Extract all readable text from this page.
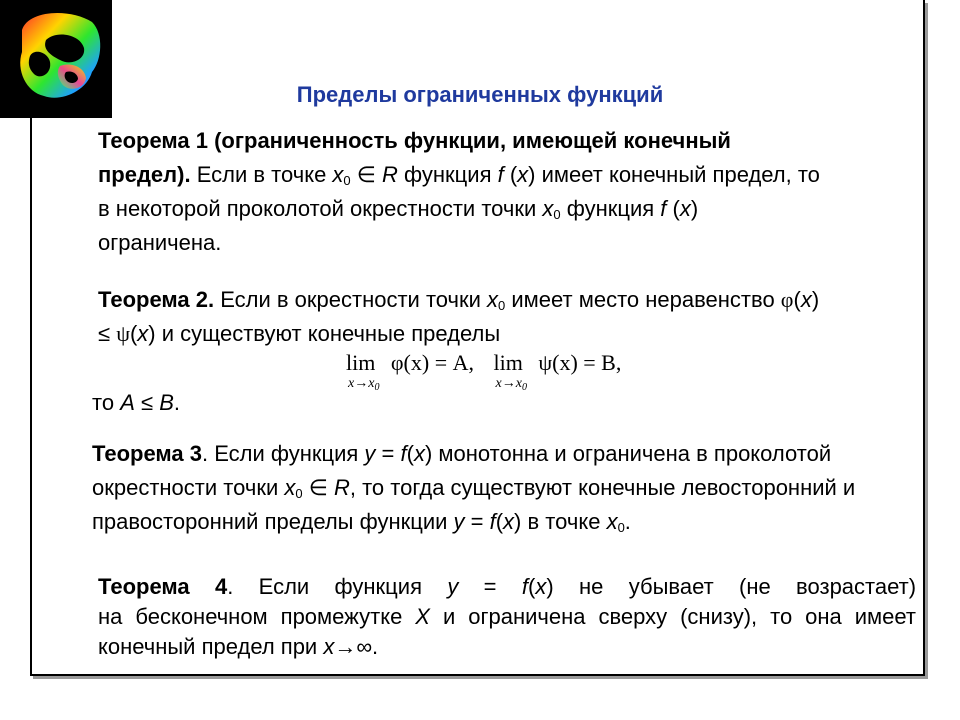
Пределы ограниченных функций
Теорема 1 (ограниченность функции, имеющей конечный
предел). Если в точке $x_0$ ∈ R функция f (x) имеет конечный предел, то
в некоторой проколотой окрестности точки $x_0$ функция f (x)
ограничена.
Теорема 2. Если в окрестности точки $x_0$ имеет место неравенство φ(x)
≤ ψ(x) и существуют конечные пределы
lim
$x\to x_0$
φ(x) = A, lim
$x\to x_0$
ψ(x) = B,
то A ≤ B.
Теорема 3. Если функция y = f(x) монотонна и ограничена в проколотой
окрестности точки $x_0$ ∈ R, то тогда существуют конечные левосторонний и
правосторонний пределы функции y = f(x) в точке $x_0$.
Теорема 4. Если функция y = f(x) не убывает (не возрастает)
на бесконечном промежутке X и ограничена сверху (снизу), то она имеет
конечный предел при x→∞.
